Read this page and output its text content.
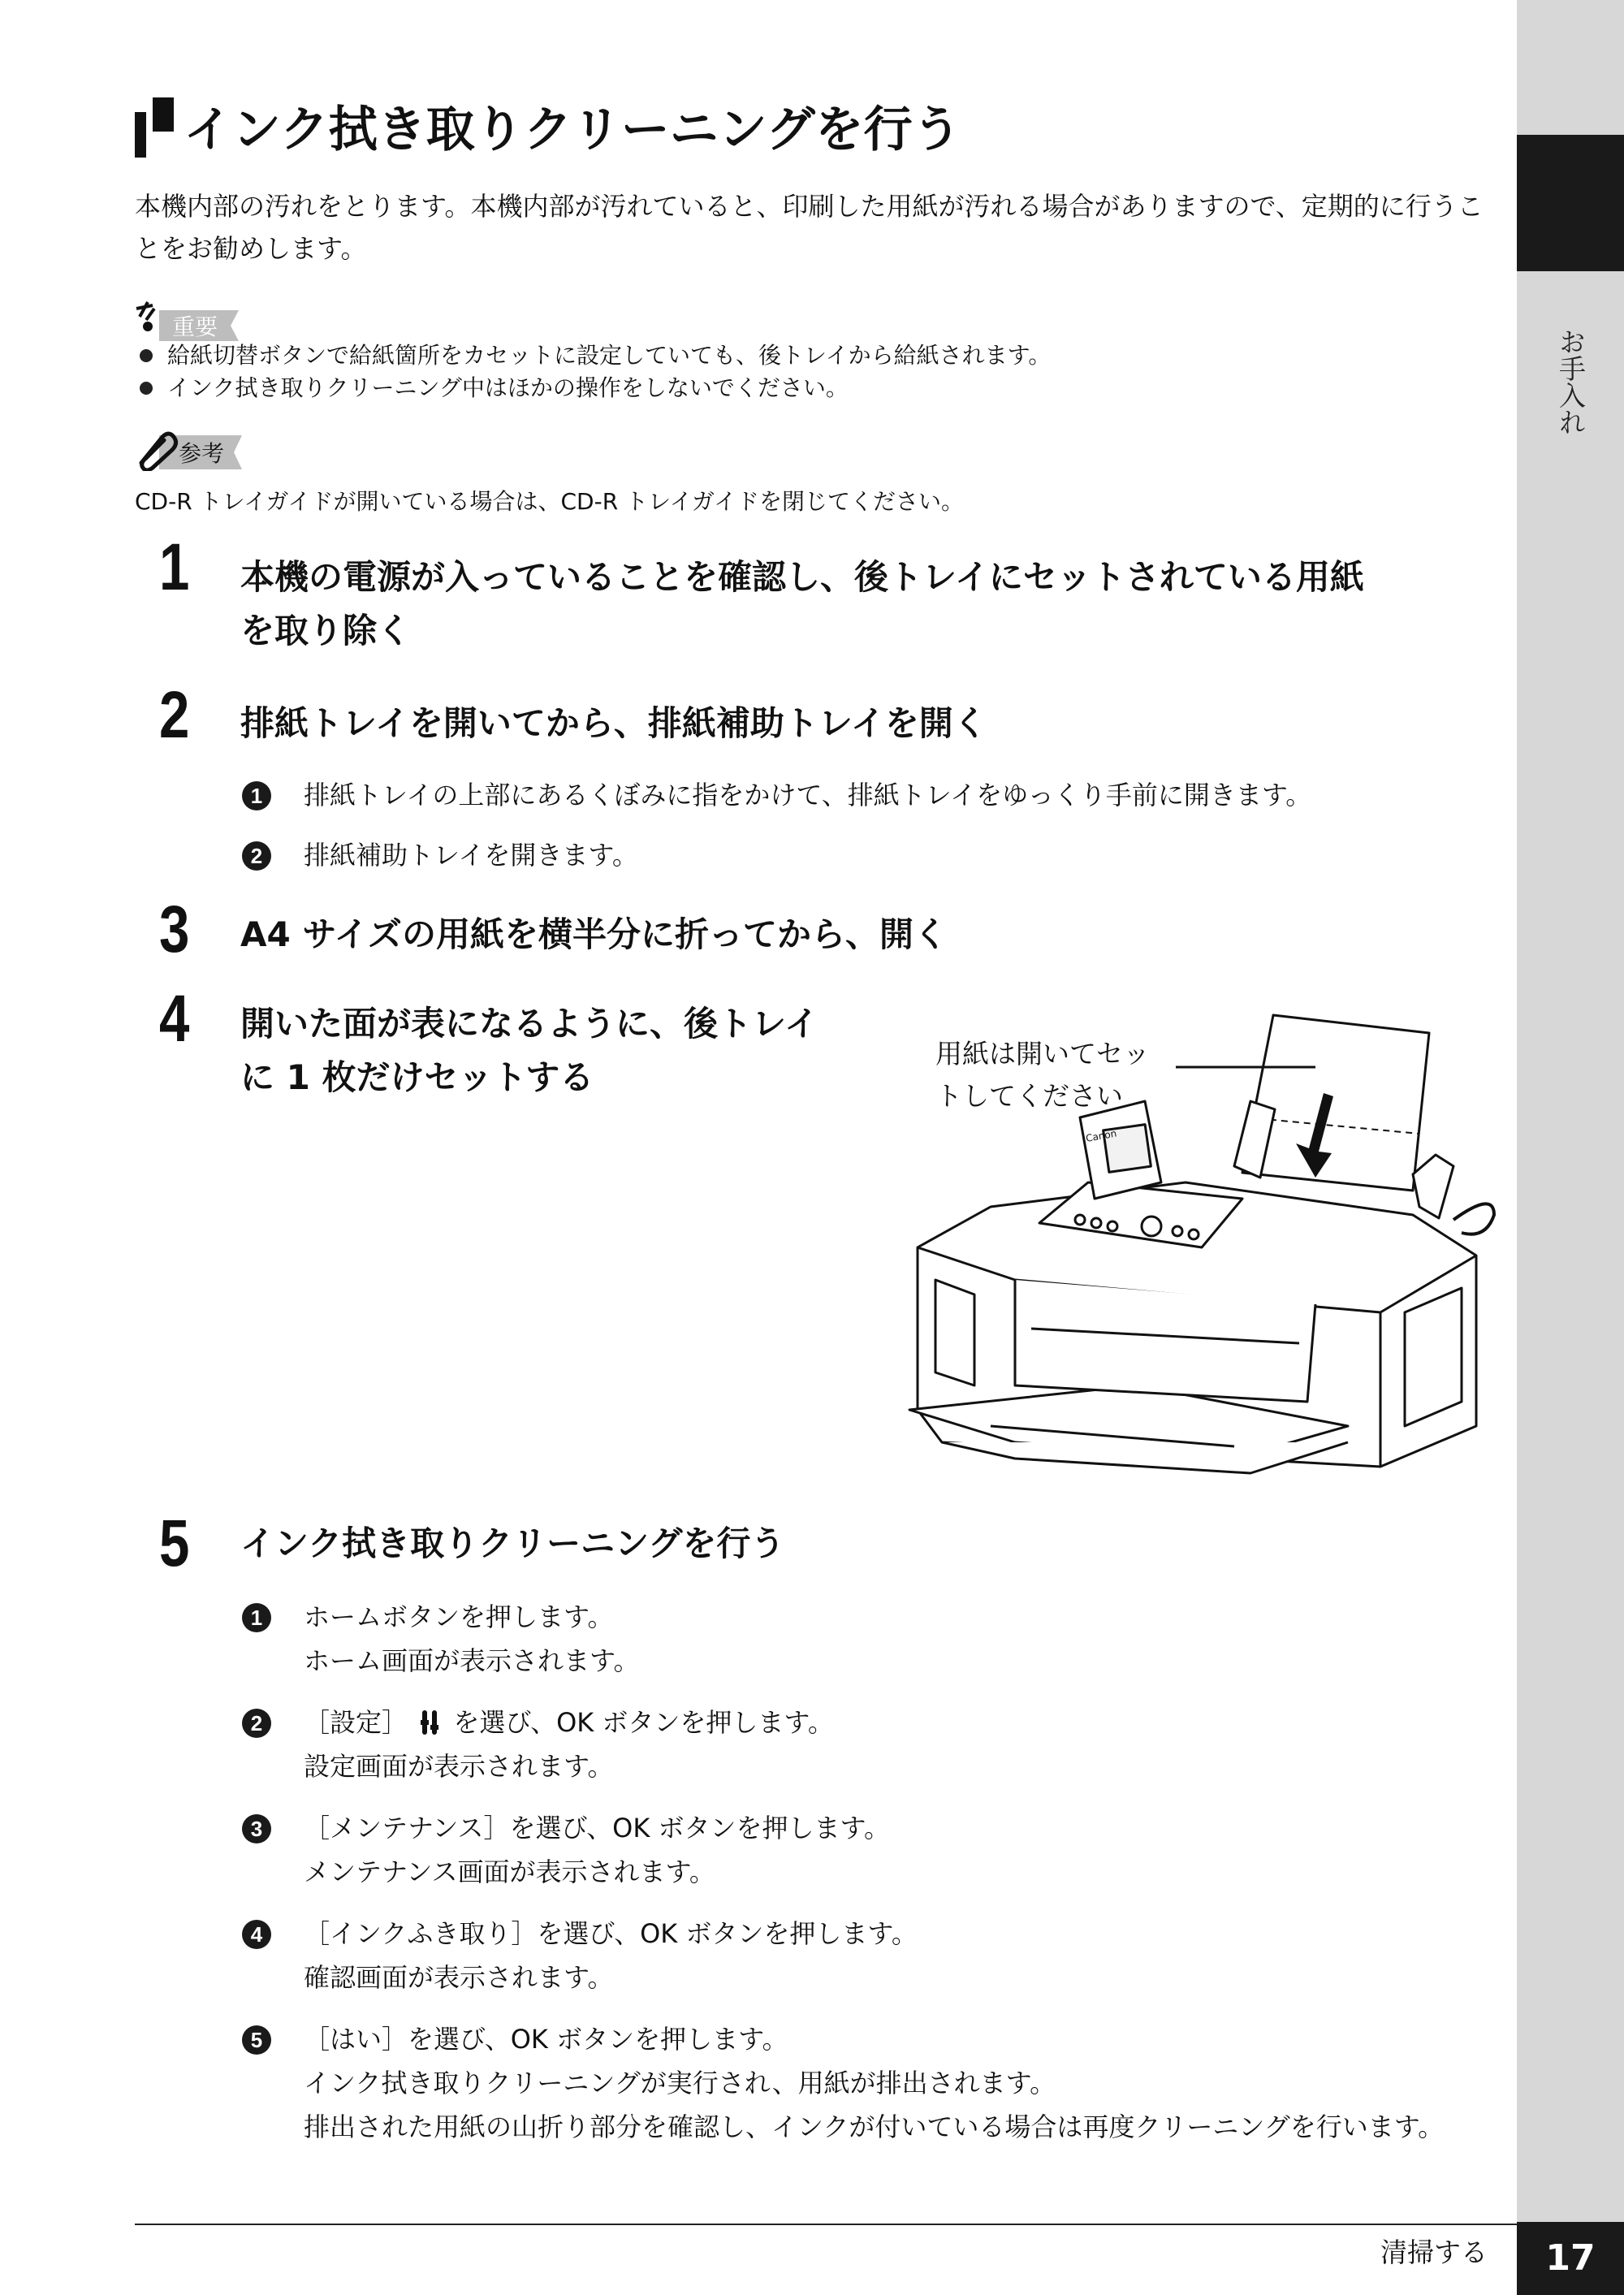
お手入れ
インク拭き取りクリーニングを行う
本機内部の汚れをとります。本機内部が汚れていると、印刷した用紙が汚れる場合がありますので、定期的に行うことをお勧めします。
重要
給紙切替ボタンで給紙箇所をカセットに設定していても、後トレイから給紙されます。
インク拭き取りクリーニング中はほかの操作をしないでください。
参考
CD-R トレイガイドが開いている場合は、CD-R トレイガイドを閉じてください。
1 本機の電源が入っていることを確認し、後トレイにセットされている用紙
を取り除く
2 排紙トレイを開いてから、排紙補助トレイを開く
1	排紙トレイの上部にあるくぼみに指をかけて、排紙トレイをゆっくり手前に開きます。
2	排紙補助トレイを開きます。
3 A4 サイズの用紙を横半分に折ってから、開く
4 開いた面が表になるように、後トレイ
に 1 枚だけセットする
Canon
用紙は開いてセッ
トしてください
5 インク拭き取りクリーニングを行う
1	ホームボタンを押します。
ホーム画面が表示されます。
2	［設定］ を選び、OK ボタンを押します。
設定画面が表示されます。
3	［メンテナンス］を選び、OK ボタンを押します。
メンテナンス画面が表示されます。
4	［インクふき取り］を選び、OK ボタンを押します。
確認画面が表示されます。
5	［はい］を選び、OK ボタンを押します。
インク拭き取りクリーニングが実行され、用紙が排出されます。
排出された用紙の山折り部分を確認し、インクが付いている場合は再度クリーニングを行います。
清掃する	17
